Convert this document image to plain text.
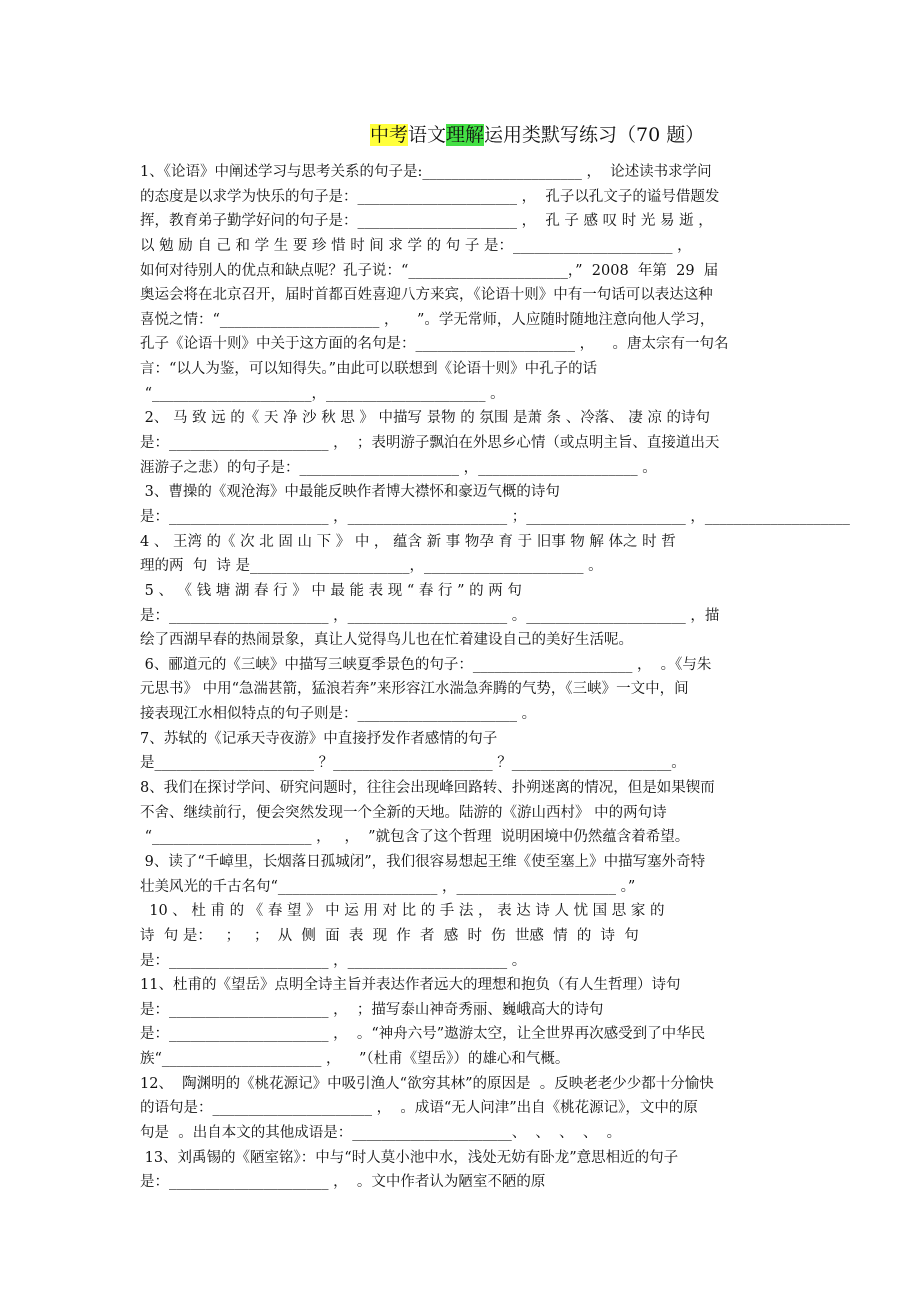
中考语文理解运用类默写练习（70 题）
1、《论语》中阐述学习与思考关系的句子是:______________________ ，  论述读书求学问
的态度是以求学为快乐的句子是：______________________ ，  孔子以孔文子的谥号借题发
挥，教育弟子勤学好问的句子是：______________________ ，  孔 子 感 叹 时 光 易 逝 ，
以 勉 励 自 己 和 学 生 要 珍 惜 时 间 求 学 的 句 子 是：______________________ ，
如何对待别人的优点和缺点呢？孔子说：“______________________，”  2008  年第  29  届
奥运会将在北京召开，届时首都百姓喜迎八方来宾，《论语十则》中有一句话可以表达这种
喜悦之情：“______________________ ，    ”。学无常师，人应随时随地注意向他人学习，
孔子《论语十则》中关于这方面的名句是：______________________ ，    。唐太宗有一句名
言：“以人为鉴，可以知得失。”由此可以联想到《论语十则》中孔子的话
“______________________，______________________ 。
2、 马 致 远 的《 天 净 沙 秋 思 》 中描写 景物 的 氛围 是萧 条 、冷落、 凄 凉 的诗句
是：______________________ ，  ；表明游子飘泊在外思乡心情（或点明主旨、直接道出天
涯游子之悲）的句子是：______________________ ，______________________ 。
3、曹操的《观沧海》中最能反映作者博大襟怀和豪迈气概的诗句
是：______________________ ，______________________ ；______________________ ，____________________
4 、 王湾 的《 次 北 固 山 下 》 中 ， 蕴含 新 事 物孕 育 于 旧事 物 解 体之 时 哲
理的两  句  诗 是______________________，______________________ 。
5 、 《 钱 塘 湖 春 行 》 中 最 能 表 现 “ 春 行 ” 的 两 句
是：______________________ ，______________________ 。______________________ ，描
绘了西湖早春的热闹景象，真让人觉得鸟儿也在忙着建设自己的美好生活呢。
6、郦道元的《三峡》中描写三峡夏季景色的句子：______________________ ，  。《与朱
元思书》 中用“急湍甚箭，猛浪若奔”来形容江水湍急奔腾的气势，《三峡》一文中，间
接表现江水相似特点的句子则是：______________________ 。
7、苏轼的《记承天寺夜游》中直接抒发作者感情的句子
是______________________ ？______________________ ？______________________。
8、我们在探讨学问、研究问题时，往往会出现峰回路转、扑朔迷离的情况，但是如果锲而
不舍、继续前行，便会突然发现一个全新的天地。陆游的《游山西村》 中的两句诗
“______________________ ，   ，  ”就包含了这个哲理  说明困境中仍然蕴含着希望。
9、读了“千嶂里，长烟落日孤城闭”，我们很容易想起王维《使至塞上》中描写塞外奇特
壮美风光的千古名句“______________________ ，______________________ 。”
10 、 杜 甫 的 《 春 望 》 中 运 用 对 比 的 手 法 ， 表 达 诗 人 忧 国 思 家 的
诗  句 是：   ；   ；  从  侧  面  表  现  作  者  感  时  伤  世感  情  的  诗  句
是：______________________ ，______________________ 。
11、杜甫的《望岳》点明全诗主旨并表达作者远大的理想和抱负（有人生哲理）诗句
是：______________________ ，  ；描写泰山神奇秀丽、巍峨高大的诗句
是：______________________ ，  。“神舟六号”遨游太空，让全世界再次感受到了中华民
族“______________________ ，    ”（杜甫《望岳》）的雄心和气概。
12、  陶渊明的《桃花源记》中吸引渔人“欲穷其林”的原因是  。反映老老少少都十分愉快
的语句是：______________________ ，  。成语“无人问津”出自《桃花源记》，文中的原
句是  。出自本文的其他成语是：______________________、  、  、  、  。
13、刘禹锡的《陋室铭》：中与“时人莫小池中水，浅处无妨有卧龙”意思相近的句子
是：______________________ ，  。文中作者认为陋室不陋的原
